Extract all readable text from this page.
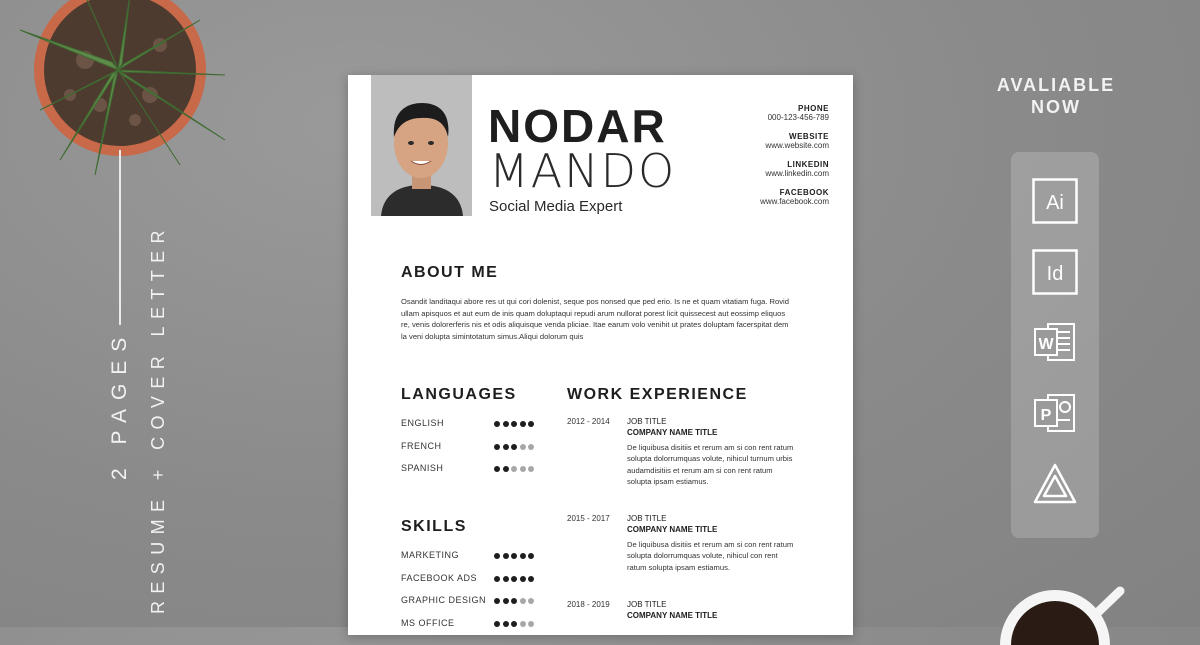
2 PAGES RESUME + COVER LETTER
AVALIABLE
NOW
Ai
Id
W
P
NODAR
MANDO
Social Media Expert
PHONE
000-123-456-789
WEBSITE
www.website.com
LINKEDIN
www.linkedin.com
FACEBOOK
www.facebook.com
ABOUT ME
Osandit landitaqui abore res ut qui cori dolenist, seque pos nonsed que ped erio. Is ne et quam vitatiam fuga. Rovid ullam apisquos et aut eum de inis quam doluptaqui repudi arum nullorat porest licit quissecest aut eossimp eliquos re, venis dolorerferis nis et odis aliquisque venda pliciae. Itae earum volo venihit ut prates doluptam facerspitat dem la veni dolupta simintotatum simus.Aliqui dolorum quis
LANGUAGES
ENGLISH
FRENCH
SPANISH
SKILLS
MARKETING
FACEBOOK ADS
GRAPHIC DESIGN
MS OFFICE
WORK EXPERIENCE
2012 - 2014 JOB TITLE
COMPANY NAME TITLE
De liquibusa disitiis et rerum am si con rent ratum solupta dolorrumquas volute, nihicul turnum urbis audamdisitiis et rerum am si con rent ratum solupta ipsam estiamus.
2015 - 2017 JOB TITLE
COMPANY NAME TITLE
De liquibusa disitiis et rerum am si con rent ratum solupta dolorrumquas volute, nihicul con rent ratum solupta ipsam estiamus.
2018 - 2019 JOB TITLE
COMPANY NAME TITLE
